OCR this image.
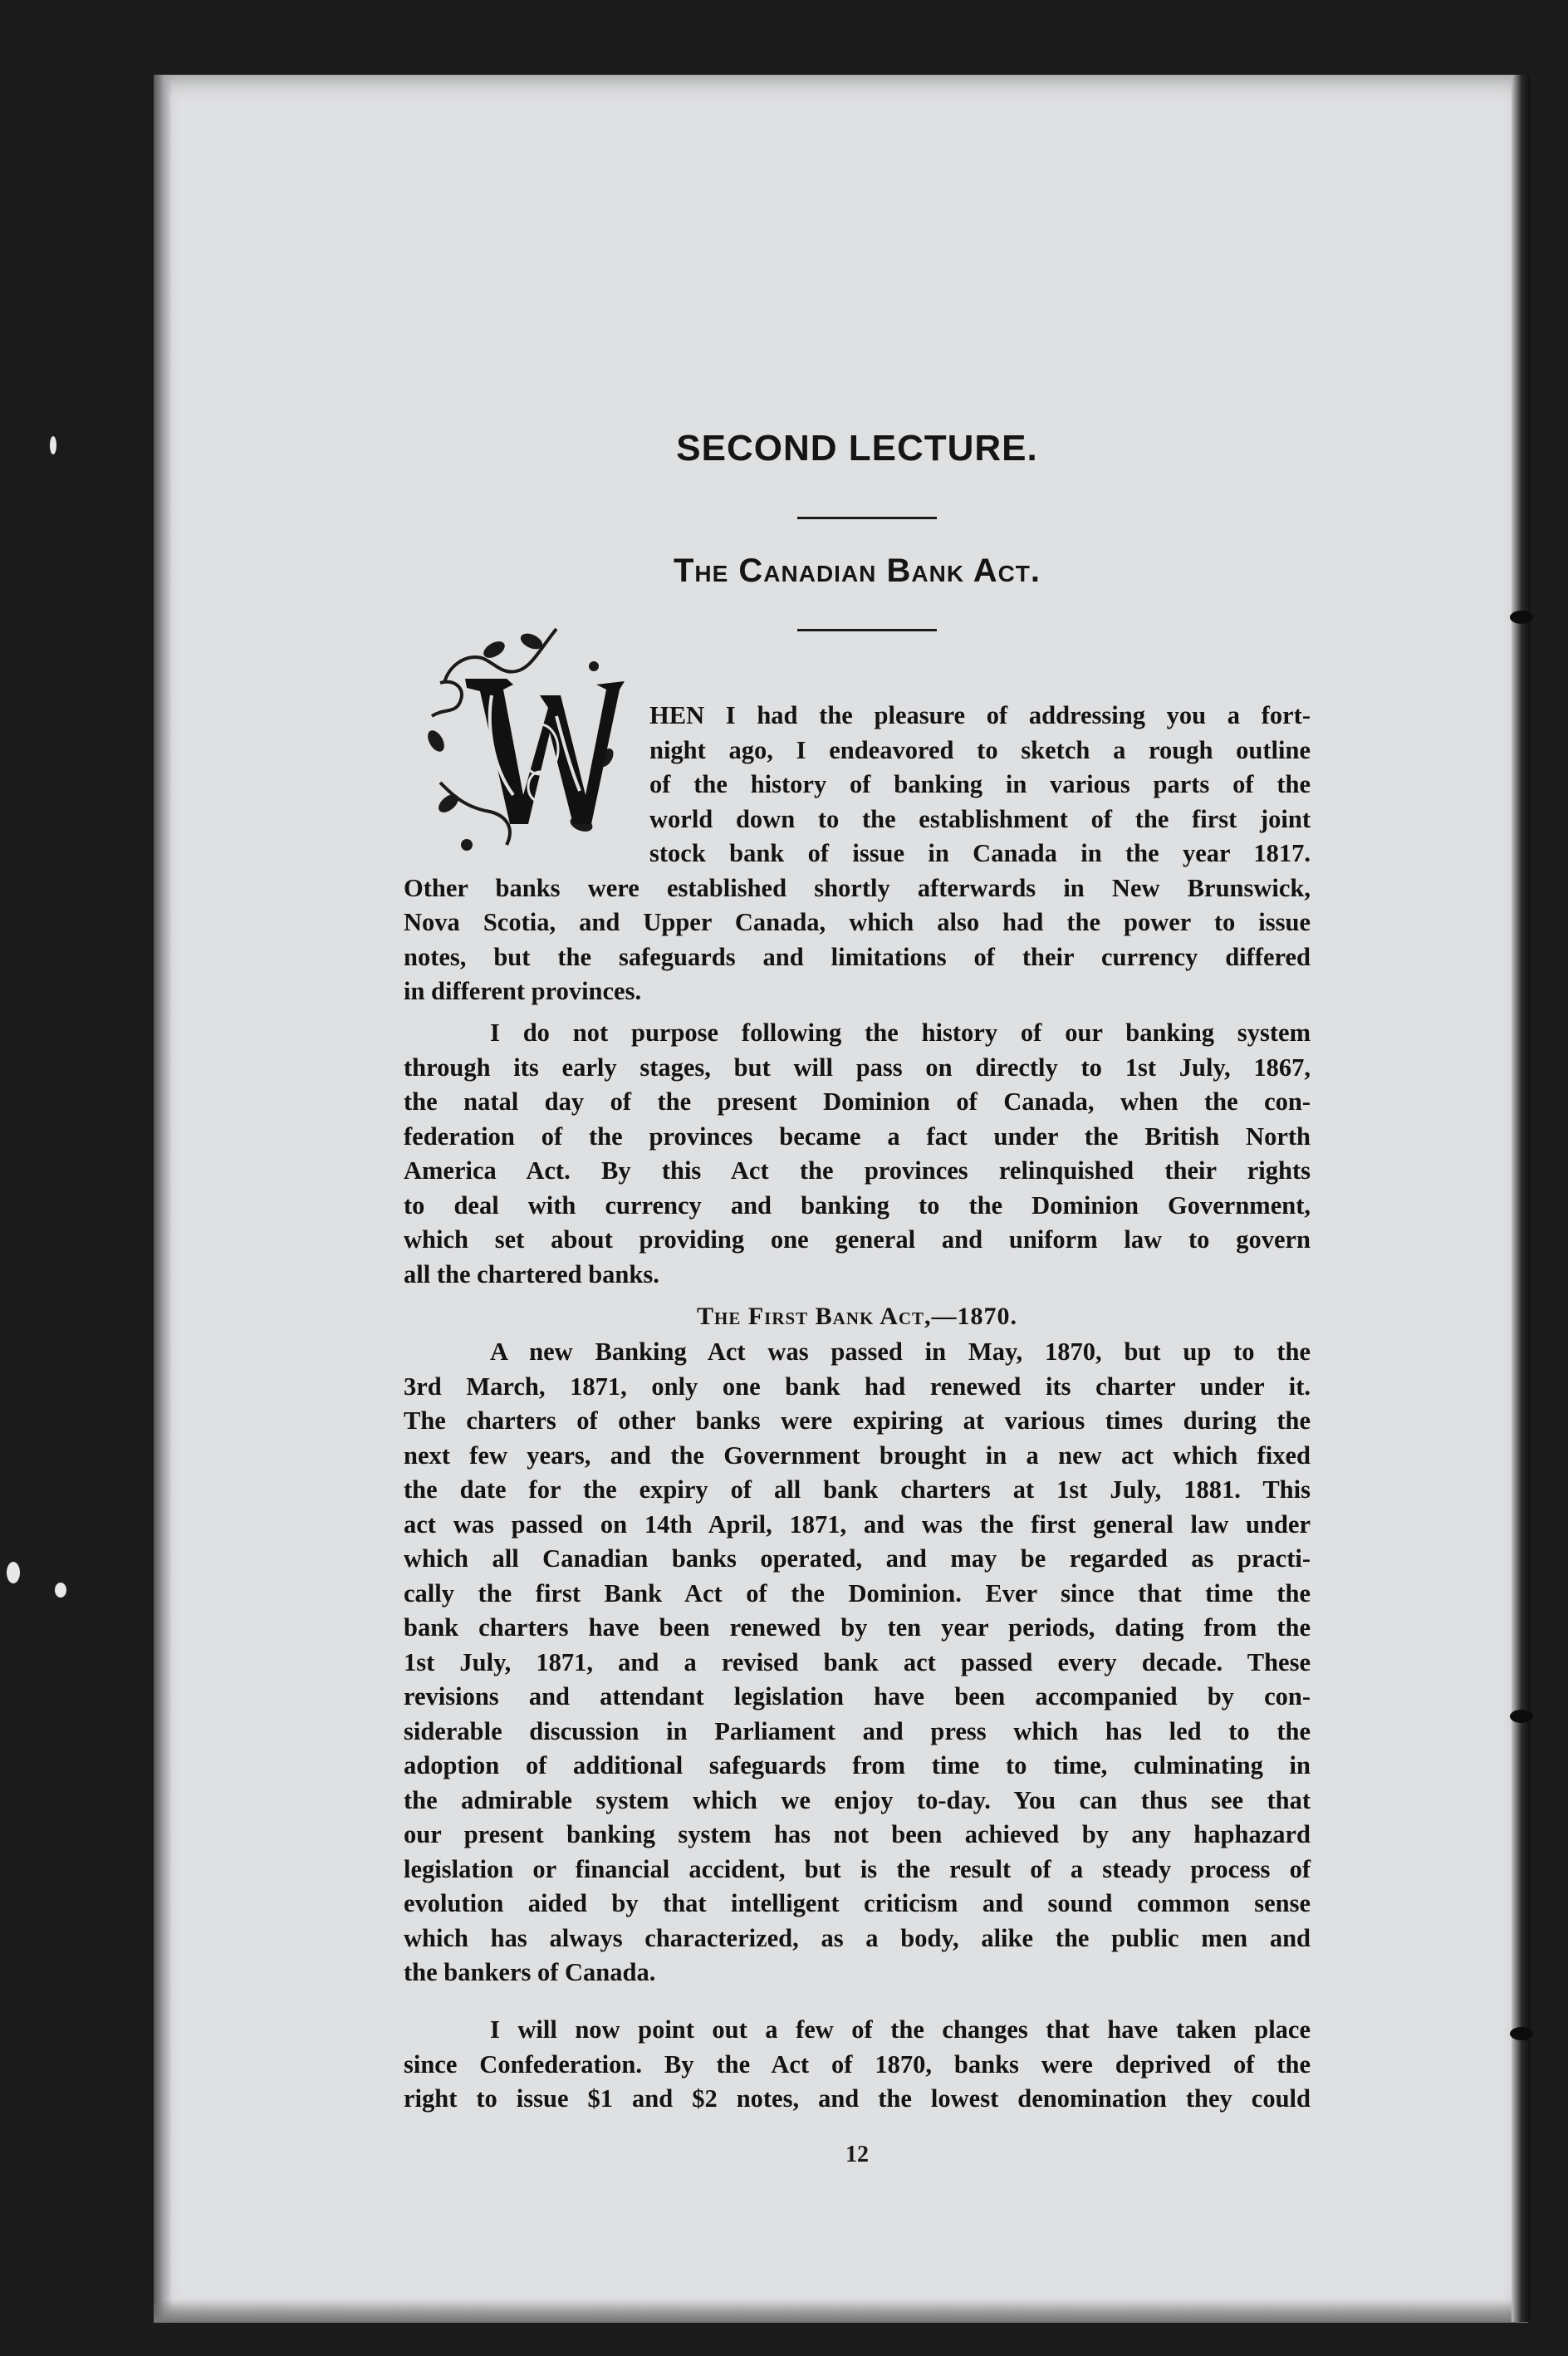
SECOND LECTURE.
The Canadian Bank Act.
HEN I had the pleasure of addressing you a fort-
night ago, I endeavored to sketch a rough outline
of the history of banking in various parts of the
world down to the establishment of the first joint
stock bank of issue in Canada in the year 1817.
Other banks were established shortly afterwards in New Brunswick,
Nova Scotia, and Upper Canada, which also had the power to issue
notes, but the safeguards and limitations of their currency differed
in different provinces.
I do not purpose following the history of our banking system
through its early stages, but will pass on directly to 1st July, 1867,
the natal day of the present Dominion of Canada, when the con-
federation of the provinces became a fact under the British North
America Act. By this Act the provinces relinquished their rights
to deal with currency and banking to the Dominion Government,
which set about providing one general and uniform law to govern
all the chartered banks.
The First Bank Act,—1870.
A new Banking Act was passed in May, 1870, but up to the
3rd March, 1871, only one bank had renewed its charter under it.
The charters of other banks were expiring at various times during the
next few years, and the Government brought in a new act which fixed
the date for the expiry of all bank charters at 1st July, 1881. This
act was passed on 14th April, 1871, and was the first general law under
which all Canadian banks operated, and may be regarded as practi-
cally the first Bank Act of the Dominion. Ever since that time the
bank charters have been renewed by ten year periods, dating from the
1st July, 1871, and a revised bank act passed every decade. These
revisions and attendant legislation have been accompanied by con-
siderable discussion in Parliament and press which has led to the
adoption of additional safeguards from time to time, culminating in
the admirable system which we enjoy to-day. You can thus see that
our present banking system has not been achieved by any haphazard
legislation or financial accident, but is the result of a steady process of
evolution aided by that intelligent criticism and sound common sense
which has always characterized, as a body, alike the public men and
the bankers of Canada.
I will now point out a few of the changes that have taken place
since Confederation. By the Act of 1870, banks were deprived of the
right to issue $1 and $2 notes, and the lowest denomination they could
12
